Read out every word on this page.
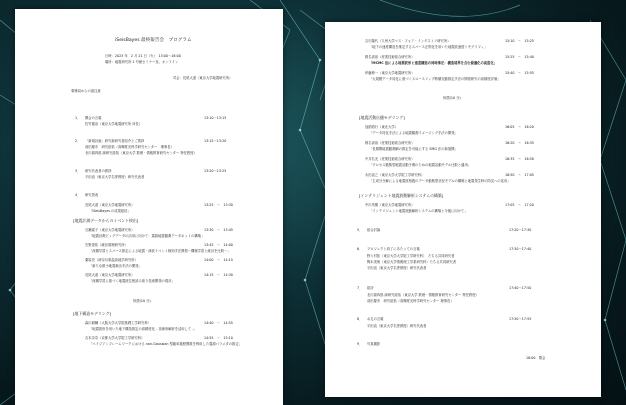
iSeisBayes 最終報告会　プログラム
日時：2023 年　2 月 21 日（火）　13:00〜18:00
場所：地震研究所 1 号館セミナー室、オンライン
司会：長尾大道（東京大学地震研究所）
事務局からの諸注意
1． 開会の言葉	13:10〜13:15
佐竹健治（東京大学地震研究所 所長）
2． 「新規計画」研究新研究者紹介とご挨拶	13:15〜13:20
前田慶市　研究総括（高輝度光科学研究センター　理事長）
北川源四郎 副研究総括（東京大学 数理・情報教育研究センター 特任教授）
3． 研究代表者の挨拶	13:20〜13:25
平田直（東京大学名誉教授）研究代表者
4． 研究発表
長尾大道（東京大学地震研究所）	13:25　〜　13:30
「iSeisBayes の成果総括」
[地震計測データからのイベント検出]
石瀬素子（東京大学地震研究所）	13:30　〜　13:45
「地震計測ビッグデータの活用に向けて：震源地震観測データネットの構築」
矢野恵佑（統計数理研究所）	13:45　〜　14:00
「深層学習とスパース推定による地震・津波イベント検知手法開発〜機械学習と統計を比較〜」
栗原亮（神奈川県温泉地学研究所）	14:00　〜　14:15
「新たな微小地震検出手法の開発」
長尾大道（東京大学地震研究所）	14:15　〜　14:30
「深層学習に基づく地震波位相読み取り技術開発の現状」
休憩(10 分)
[地下構造モデリング]
森川耕輔（大阪大学大学院基礎工学研究科）	14:40　〜　14:55
「地震波形を用いた地下構造推定の高精度化 - 非線形解析を活用して -」
吉本奈奈（京都大学大学院工学研究科）	14:55　〜　15:10
「ベイジアンフレームワークにおける non-Gaussian 型確率過程関数を利用した震源パラメタの推定」
吉川隆代（九州大学マス・フォア・インダストリ研究所）	15:10　〜　15:25
「地下の速度構造を推定するスパース正則化を用いた地震波速度トモグラフィ」
椎名高裕（産業技術総合研究所）	15:25　〜　15:40
「MCMC 法による地震波形と速度構造の同時推定：構造境界を含む最適化の高度化」
伊藤伸一（東京大学地震研究所）	15:40　〜　15:55
「大規模データ同化に基づくスロースリップ断層変動推定手法の開発研究の高精度評価」
休憩(10 分)
[地震活動伝播モデリング]
加納将行（東北大学）	16:05　〜　16:20
「データ同化手法による地震観測イメージング手法の開発」
椎名高裕（産業技術総合研究所）	16:20　〜　16:35
「長期間地震観測網の推定を可能にする SMG 法の新展開」
中井弘光（産業技術総合研究所）	16:35　〜　16:50
「プロセス動態型地震活動予測のための地震活動モデル比較と適用」
永田直之（東京大学大学院工学研究科）	16:50　〜　17:05
「主成分分解による地震波相殺のデータ動態型状況モデルの構築と地震発生時の防災への応用」
[インテリジェント地震波動解析システムの構築]
中川茂樹（東京大学地震研究所）	17:05　〜　17:20
「インテリジェント地震波動解析システムの構築と今後に向けて」
5． 総合討論	17:20〜17:30
6． プロジェクト終了にあたっての言葉	17:30〜17:40
野々村拓（東京大学大学院工学研究科）　たちる共同研究者
陶本美朗（東京大学情報理工学系研究科）たちる共同研究者
平田直（東京大学名誉教授）研究代表者
7． 総評	17:40〜17:50
北川源四郎 副研究総括（東京大学 数理・情報教育研究センター 特任教授）
前田慶市　研究総括（高輝度光科学研究センター 理事長）
8． お礼の言葉	17:50〜17:55
平田直（東京大学名誉教授）研究代表者
9． 写真撮影
18:00　閉会
